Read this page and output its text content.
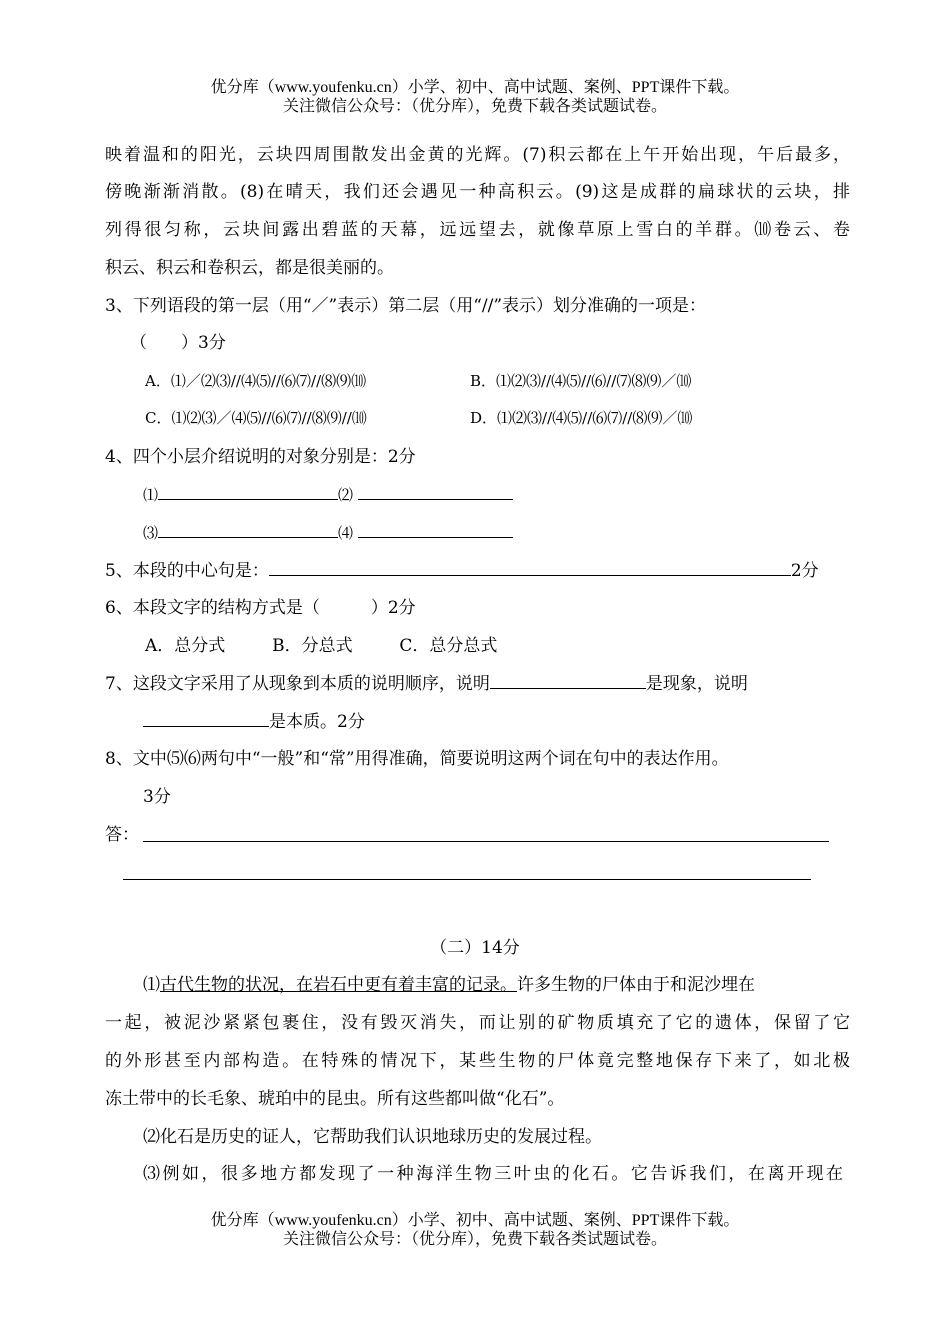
优分库（www.youfenku.cn）小学、初中、高中试题、案例、PPT课件下载。
关注微信公众号：（优分库），免费下载各类试题试卷。
映着温和的阳光，云块四周围散发出金黄的光辉。(7)积云都在上午开始出现，午后最多，
傍晚渐渐消散。(8)在晴天，我们还会遇见一种高积云。(9)这是成群的扁球状的云块，排
列得很匀称，云块间露出碧蓝的天幕，远远望去，就像草原上雪白的羊群。⑽卷云、卷
积云、积云和卷积云，都是很美丽的。
3、下列语段的第一层（用“／”表示）第二层（用“//”表示）划分准确的一项是：
（　　）3分
A．⑴／⑵⑶//⑷⑸//⑹⑺//⑻⑼⑽	B．⑴⑵⑶//⑷⑸//⑹//⑺⑻⑼／⑽
C．⑴⑵⑶／⑷⑸//⑹⑺//⑻⑼//⑽	D．⑴⑵⑶//⑷⑸//⑹⑺//⑻⑼／⑽
4、四个小层介绍说明的对象分别是：2分
⑴	⑵
⑶	⑷
5、本段的中心句是：	2分
6、本段文字的结构方式是（　　　）2分
A．总分式	B．分总式	C．总分总式
7、这段文字采用了从现象到本质的说明顺序，说明	是现象，说明
是本质。2分
8、文中⑸⑹两句中“一般”和“常”用得准确，简要说明这两个词在句中的表达作用。
3分
答：
（二）14分
⑴古代生物的状况，在岩石中更有着丰富的记录。许多生物的尸体由于和泥沙埋在
一起，被泥沙紧紧包裹住，没有毁灭消失，而让别的矿物质填充了它的遗体，保留了它
的外形甚至内部构造。在特殊的情况下，某些生物的尸体竟完整地保存下来了，如北极
冻土带中的长毛象、琥珀中的昆虫。所有这些都叫做“化石”。
⑵化石是历史的证人，它帮助我们认识地球历史的发展过程。
⑶例如，很多地方都发现了一种海洋生物三叶虫的化石。它告诉我们，在离开现在
优分库（www.youfenku.cn）小学、初中、高中试题、案例、PPT课件下载。
关注微信公众号：（优分库），免费下载各类试题试卷。
